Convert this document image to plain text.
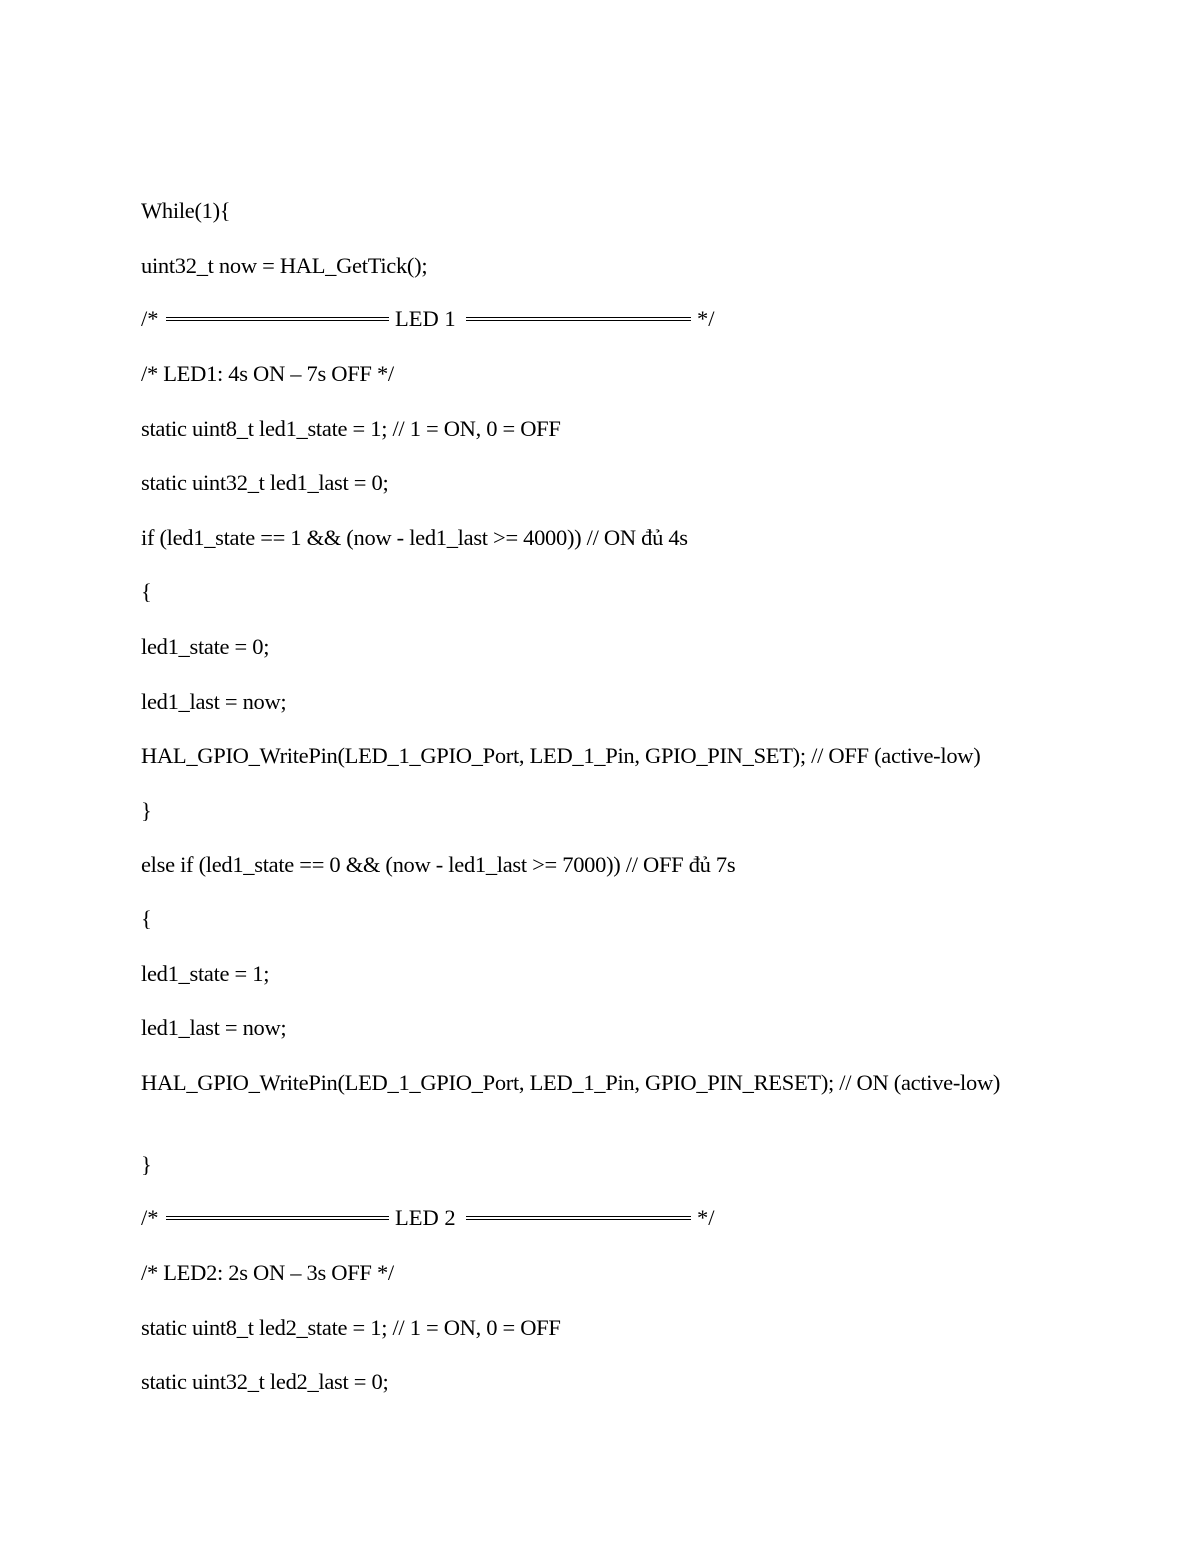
While(1){

uint32_t now = HAL_GetTick();

/*	LED 1	*/

/* LED1: 4s ON – 7s OFF */

static uint8_t led1_state = 1; // 1 = ON, 0 = OFF

static uint32_t led1_last = 0;

if (led1_state == 1 && (now - led1_last >= 4000)) // ON đủ 4s

{

led1_state = 0;

led1_last = now;

HAL_GPIO_WritePin(LED_1_GPIO_Port, LED_1_Pin, GPIO_PIN_SET); // OFF (active-low)

}

else if (led1_state == 0 && (now - led1_last >= 7000)) // OFF đủ 7s

{

led1_state = 1;

led1_last = now;

HAL_GPIO_WritePin(LED_1_GPIO_Port, LED_1_Pin, GPIO_PIN_RESET); // ON (active-low)

}

/*	LED 2	*/

/* LED2: 2s ON – 3s OFF */

static uint8_t led2_state = 1; // 1 = ON, 0 = OFF

static uint32_t led2_last = 0;
